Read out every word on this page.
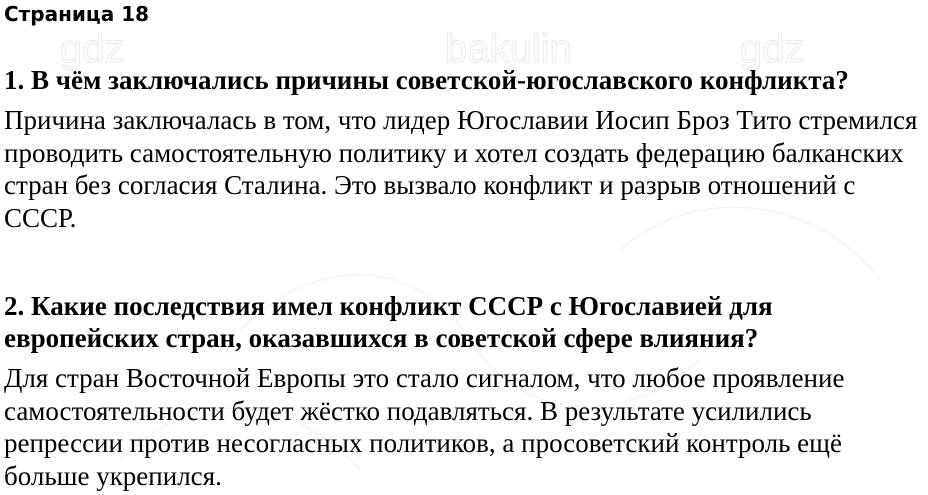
gdz	bakulin	gdz
Страница 18

1. В чём заключались причины советской-югославского конфликта?

Причина заключалась в том, что лидер Югославии Иосип Броз Тито стремился проводить самостоятельную политику и хотел создать федерацию балканских стран без согласия Сталина. Это вызвало конфликт и разрыв отношений с СССР.

2. Какие последствия имел конфликт СССР с Югославией для европейских стран, оказавшихся в советской сфере влияния?

Для стран Восточной Европы это стало сигналом, что любое проявление самостоятельности будет жёстко подавляться. В результате усилились репрессии против несогласных политиков, а просоветский контроль ещё больше укрепился.
